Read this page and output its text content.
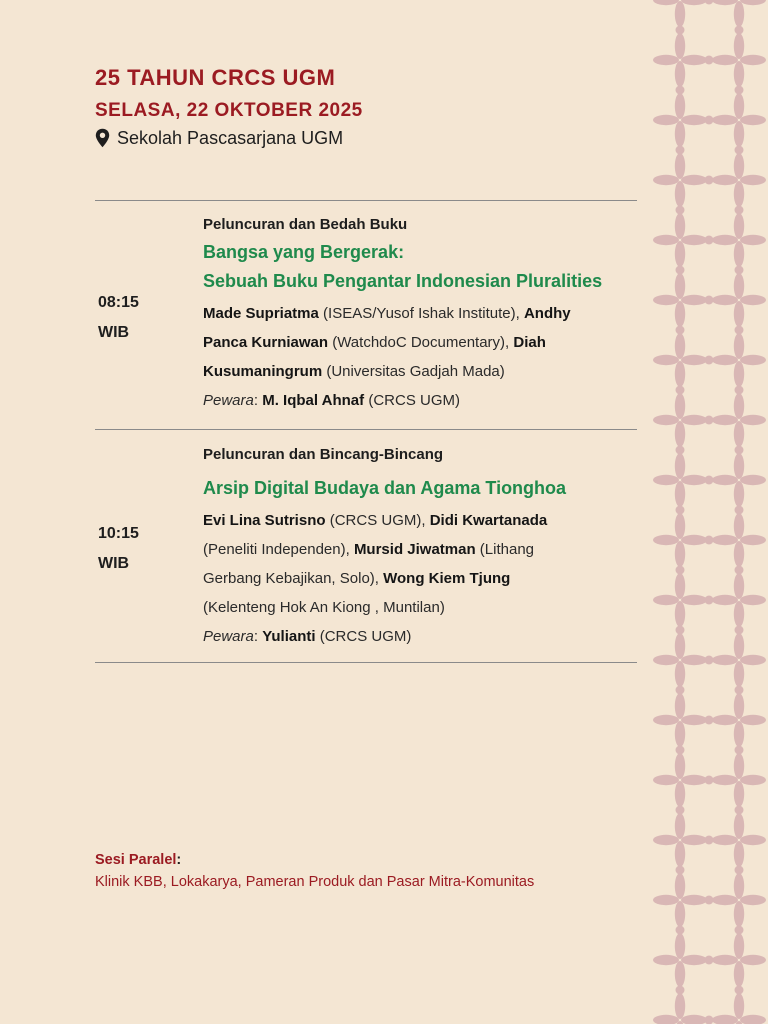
25 TAHUN CRCS UGM
SELASA, 22 OKTOBER 2025
Sekolah Pascasarjana UGM
08:15
WIB
Peluncuran dan Bedah Buku
Bangsa yang Bergerak:
Sebuah Buku Pengantar Indonesian Pluralities
Made Supriatma (ISEAS/Yusof Ishak Institute), Andhy
Panca Kurniawan (WatchdoC Documentary), Diah
Kusumaningrum (Universitas Gadjah Mada)
Pewara: M. Iqbal Ahnaf (CRCS UGM)
10:15
WIB
Peluncuran dan Bincang-Bincang
Arsip Digital Budaya dan Agama Tionghoa
Evi Lina Sutrisno (CRCS UGM), Didi Kwartanada
(Peneliti Independen), Mursid Jiwatman (Lithang
Gerbang Kebajikan, Solo), Wong Kiem Tjung
(Kelenteng Hok An Kiong , Muntilan)
Pewara: Yulianti (CRCS UGM)
Sesi Paralel:
Klinik KBB, Lokakarya, Pameran Produk dan Pasar Mitra-Komunitas
